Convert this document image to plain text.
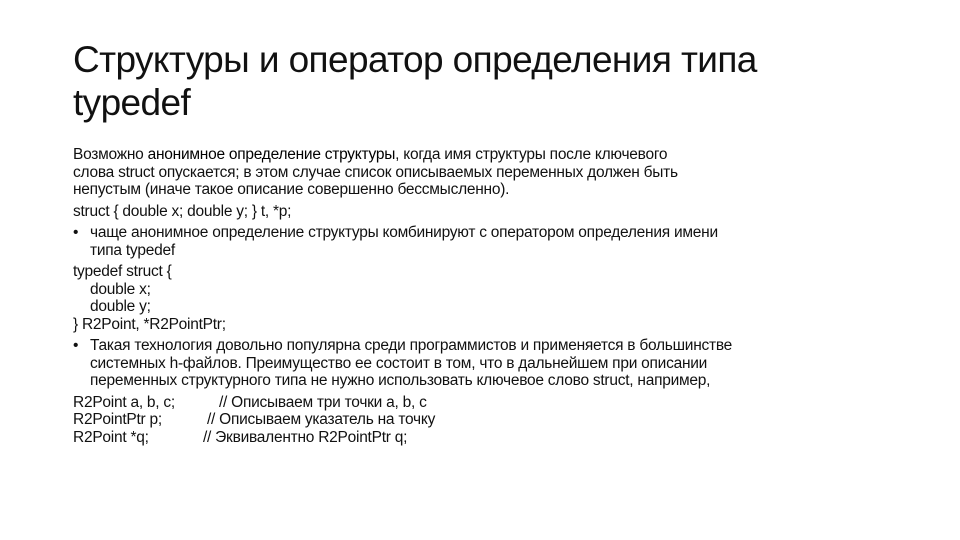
Структуры и оператор определения типа
typedef
Возможно анонимное определение структуры, когда имя структуры после ключевого
слова struct опускается; в этом случае список описываемых переменных должен быть
непустым (иначе такое описание совершенно бессмысленно).
struct { double x; double y; } t, *p;
• чаще анонимное определение структуры комбинируют с оператором определения имени
типа typedef
typedef struct {
double x;
double y;
} R2Point, *R2PointPtr;
• Такая технология довольно популярна среди программистов и применяется в большинстве
системных h-файлов. Преимущество ее состоит в том, что в дальнейшем при описании
переменных структурного типа не нужно использовать ключевое слово struct, например,
R2Point a, b, c;	// Описываем три точки a, b, c
R2PointPtr p;	// Описываем указатель на точку
R2Point *q;	// Эквивалентно R2PointPtr q;
